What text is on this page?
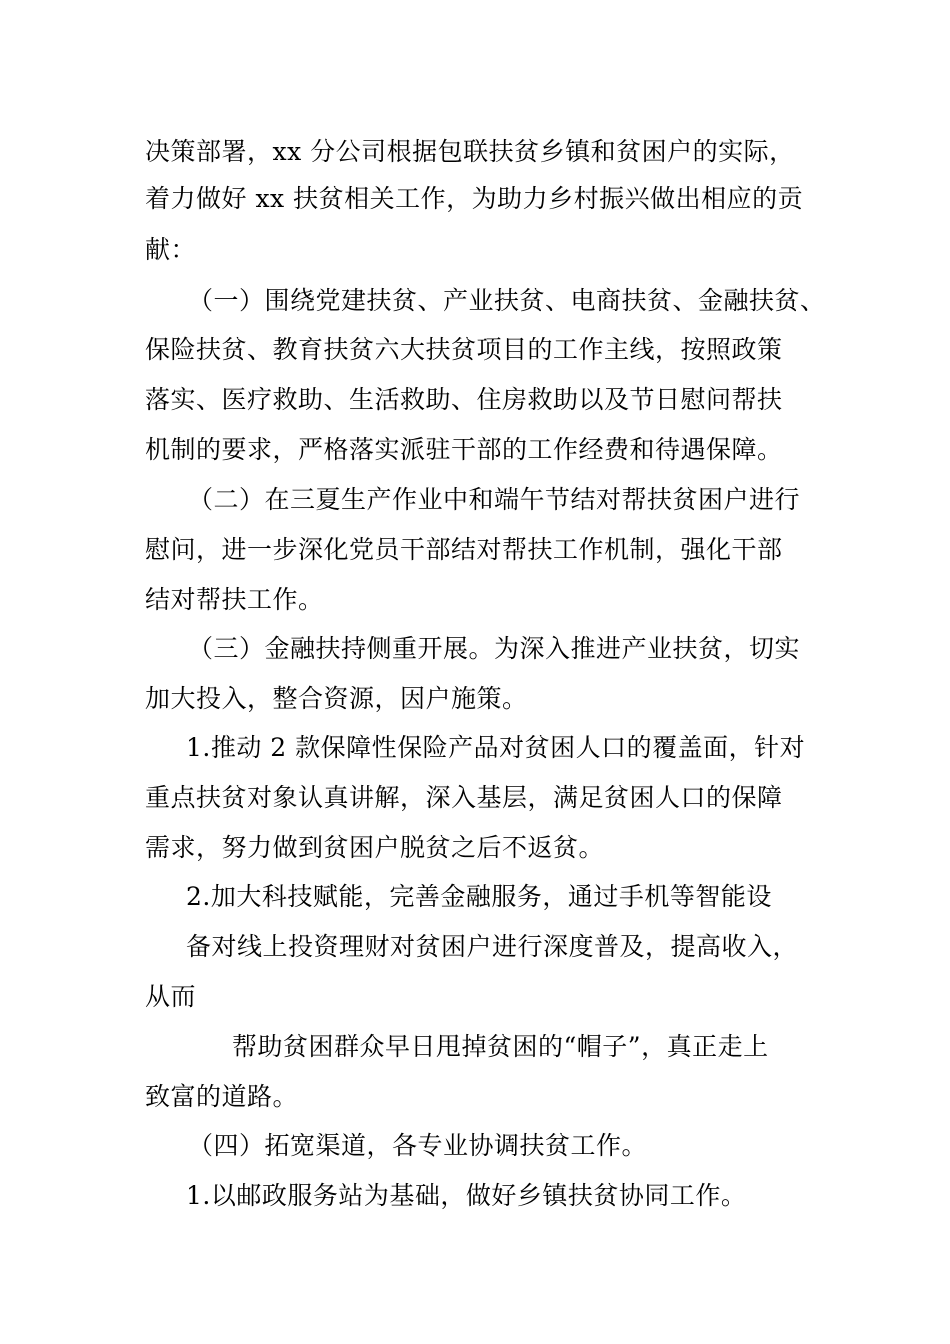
决策部署，xx 分公司根据包联扶贫乡镇和贫困户的实际，
着力做好 xx 扶贫相关工作，为助力乡村振兴做出相应的贡
献：
（一）围绕党建扶贫、产业扶贫、电商扶贫、金融扶贫、
保险扶贫、教育扶贫六大扶贫项目的工作主线，按照政策
落实、医疗救助、生活救助、住房救助以及节日慰问帮扶
机制的要求，严格落实派驻干部的工作经费和待遇保障。
（二）在三夏生产作业中和端午节结对帮扶贫困户进行
慰问，进一步深化党员干部结对帮扶工作机制，强化干部
结对帮扶工作。
（三）金融扶持侧重开展。为深入推进产业扶贫，切实
加大投入，整合资源，因户施策。
1.推动 2 款保障性保险产品对贫困人口的覆盖面，针对
重点扶贫对象认真讲解，深入基层，满足贫困人口的保障
需求，努力做到贫困户脱贫之后不返贫。
2.加大科技赋能，完善金融服务，通过手机等智能设
备对线上投资理财对贫困户进行深度普及，提高收入，
从而
帮助贫困群众早日甩掉贫困的“帽子”，真正走上
致富的道路。
（四）拓宽渠道，各专业协调扶贫工作。
1.以邮政服务站为基础，做好乡镇扶贫协同工作。
